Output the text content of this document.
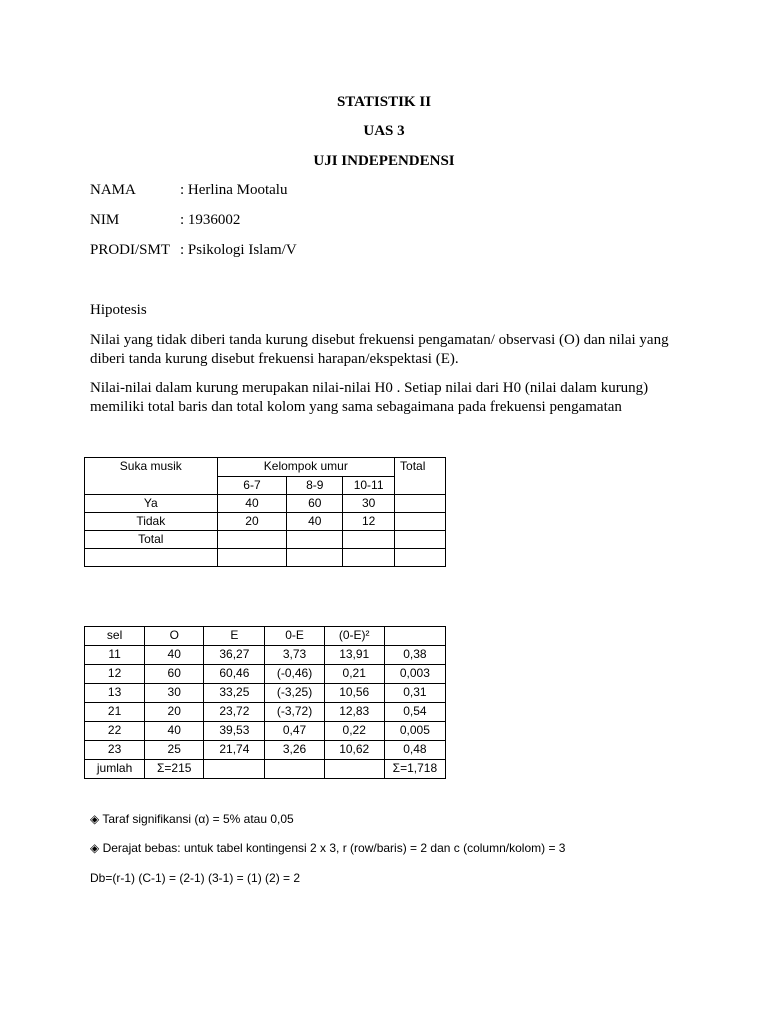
STATISTIK II
UAS 3
UJI INDEPENDENSI
NAMA	: Herlina Mootalu
NIM	: 1936002
PRODI/SMT : Psikologi Islam/V
Hipotesis
Nilai yang tidak diberi tanda kurung disebut frekuensi pengamatan/ observasi (O) dan nilai yang diberi tanda kurung disebut frekuensi harapan/ekspektasi (E).
Nilai-nilai dalam kurung merupakan nilai-nilai H0 . Setiap nilai dari H0 (nilai dalam kurung) memiliki total baris dan total kolom yang sama sebagaimana pada frekuensi pengamatan
Suka musik	Kelompok umur			Total
	6-7	8-9	10-11	
Ya	40	60	30	
Tidak	20	40	12	
Total				

sel	O	E	0-E	(0-E)²	
11	40	36,27	3,73	13,91	0,38
12	60	60,46	(-0,46)	0,21	0,003
13	30	33,25	(-3,25)	10,56	0,31
21	20	23,72	(-3,72)	12,83	0,54
22	40	39,53	0,47	0,22	0,005
23	25	21,74	3,26	10,62	0,48
jumlah	Σ=215				Σ=1,718
◈ Taraf signifikansi (α) = 5% atau 0,05
◈ Derajat bebas: untuk tabel kontingensi 2 x 3, r (row/baris) = 2 dan c (column/kolom) = 3
Db=(r-1) (C-1) = (2-1) (3-1) = (1) (2) = 2
